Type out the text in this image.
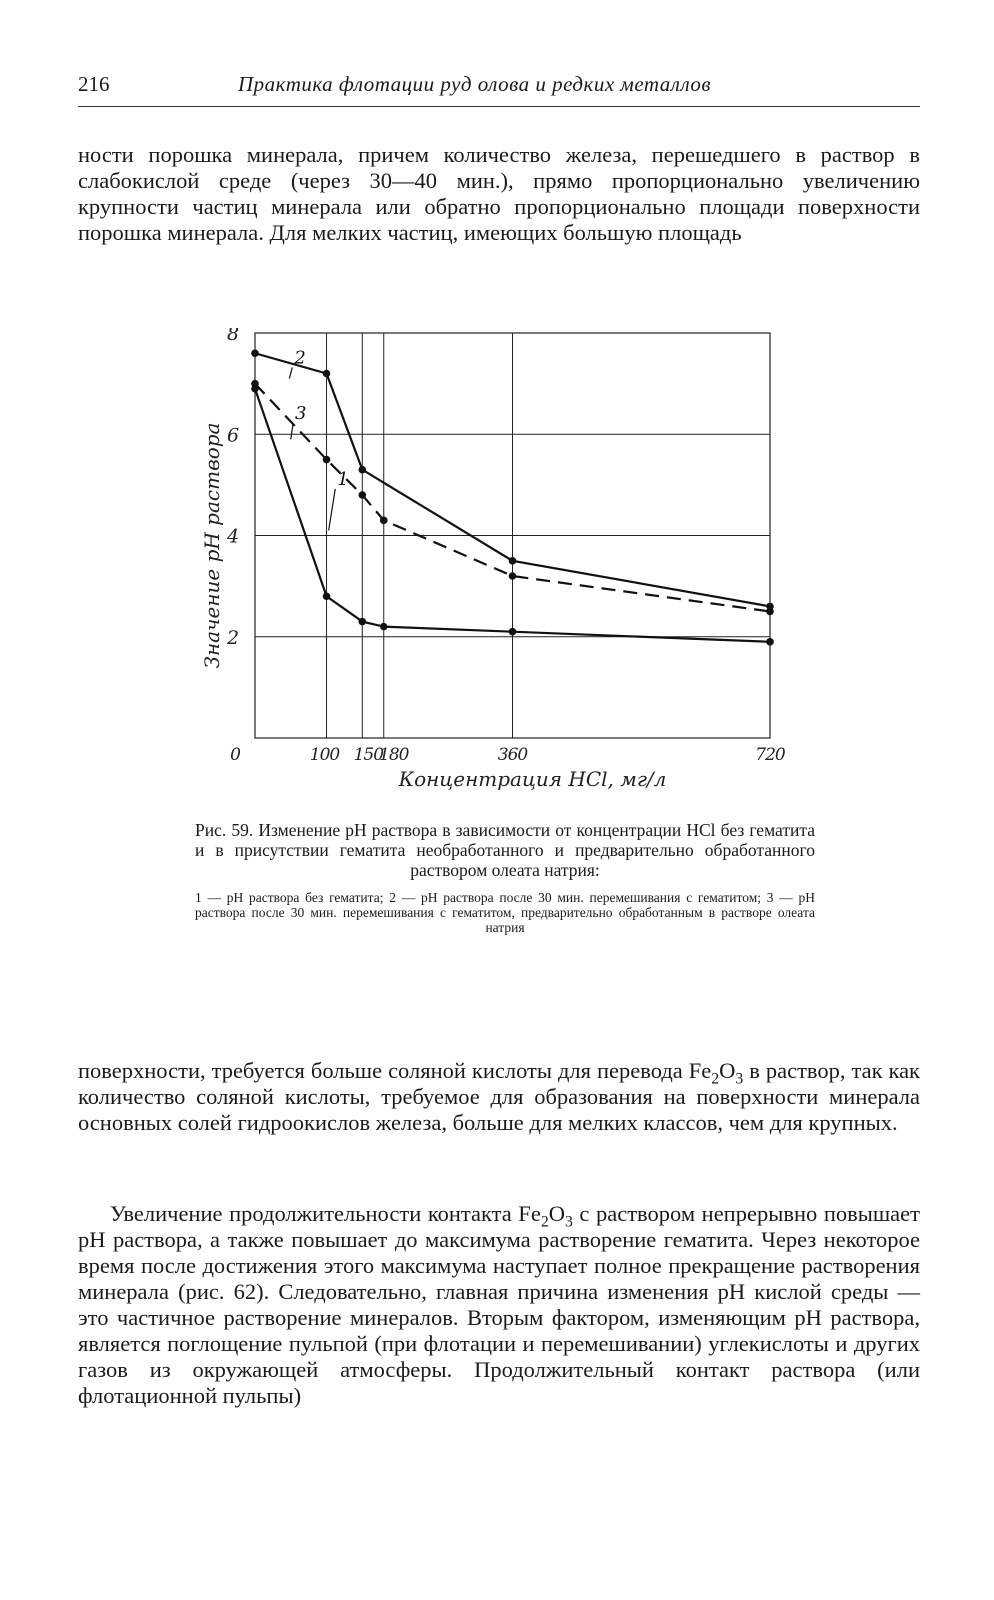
216	Практика флотации руд олова и редких металлов
ности порошка минерала, причем количество железа, перешедшего в раствор в слабокислой среде (через 30—40 мин.), прямо пропорционально увеличению крупности частиц минерала или обратно пропорционально площади поверхности порошка минерала. Для мелких частиц, имеющих большую площадь
2
4
6
8
0	100 150
180	360	720
Концентрация HCl, мг/л
Значение pH раствора	1
2
3
Рис. 59. Изменение pH раствора в зависимости от концентрации HCl без гематита и в присутствии гематита необработанного и предварительно обработанного раствором олеата натрия:
1 — pH раствора без гематита; 2 — pH раствора после 30 мин. перемешивания с гематитом; 3 — pH раствора после 30 мин. перемешивания с гематитом, предварительно обработанным в растворе олеата натрия
поверхности, требуется больше соляной кислоты для перевода $Fe_2O_3$ в раствор, так как количество соляной кислоты, требуемое для образования на поверхности минерала основных солей гидроокислов железа, больше для мелких классов, чем для крупных.
Увеличение продолжительности контакта $Fe_2O_3$ с раствором непрерывно повышает pH раствора, а также повышает до максимума растворение гематита. Через некоторое время после достижения этого максимума наступает полное прекращение растворения минерала (рис. 62). Следовательно, главная причина изменения pH кислой среды — это частичное растворение минералов. Вторым фактором, изменяющим pH раствора, является поглощение пульпой (при флотации и перемешивании) углекислоты и других газов из окружающей атмосферы. Продолжительный контакт раствора (или флотационной пульпы)
